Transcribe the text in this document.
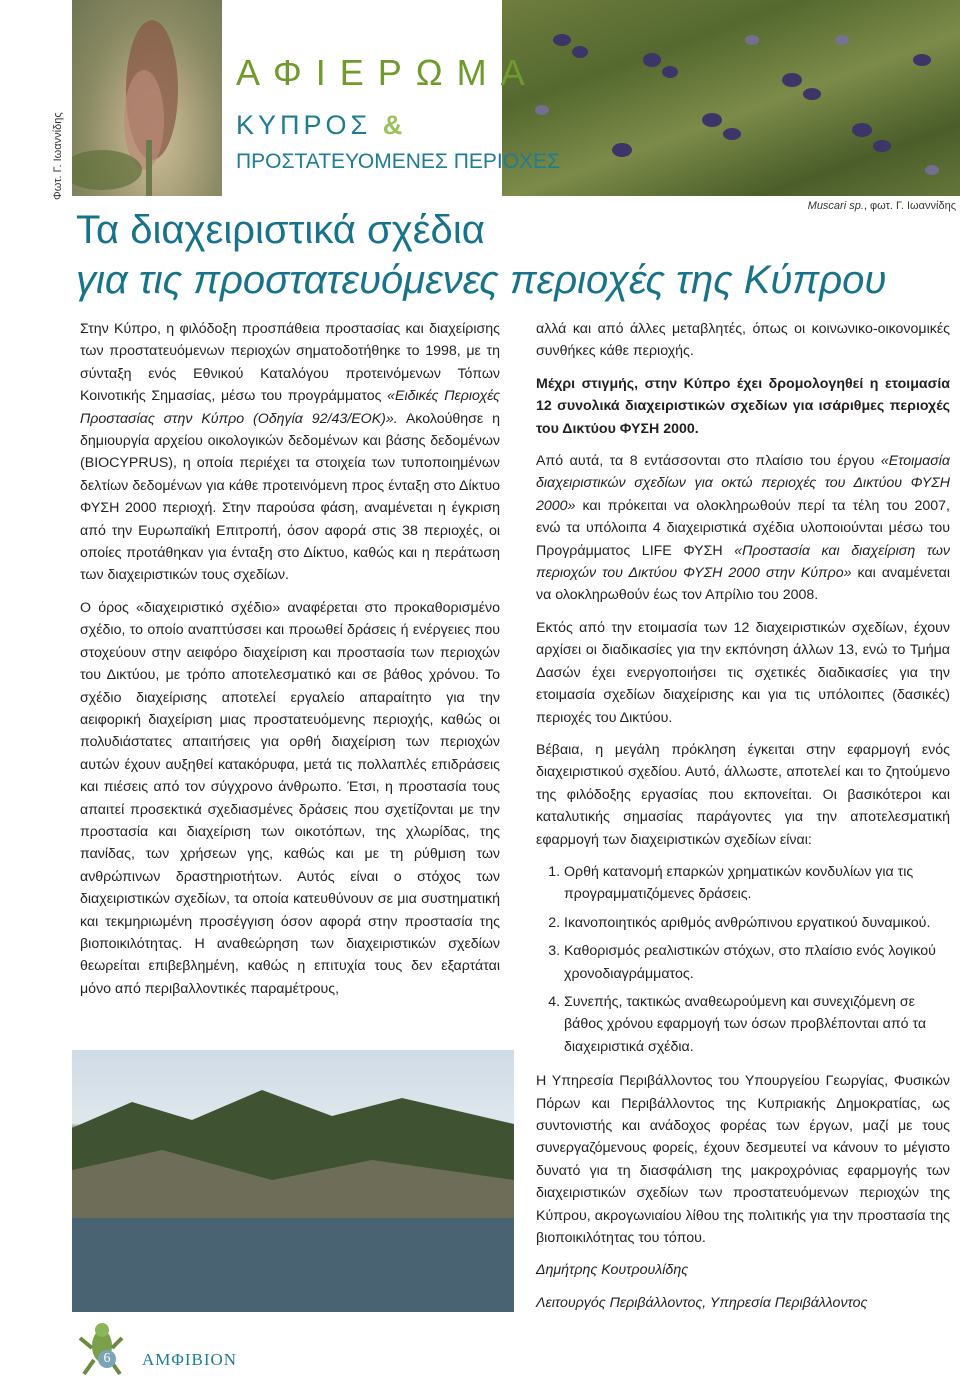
Φωτ. Γ. Ιωαννίδης
Muscari sp., φωτ. Γ. Ιωαννίδης
ΑΦΙΕΡΩΜΑ
ΚΥΠΡΟΣ &
ΠΡΟΣΤΑΤΕΥΟΜΕΝΕΣ ΠΕΡΙΟΧΕΣ
Τα διαχειριστικά σχέδια
για τις προστατευόμενες περιοχές της Κύπρου

Στην Κύπρο, η φιλόδοξη προσπάθεια προστασίας και διαχείρισης των προστατευόμενων περιοχών σηματοδοτήθηκε το 1998, με τη σύνταξη ενός Εθνικού Καταλόγου προτεινόμενων Τόπων Κοινοτικής Σημασίας, μέσω του προγράμματος «Ειδικές Περιοχές Προστασίας στην Κύπρο (Οδηγία 92/43/ΕΟΚ)». Ακολούθησε η δημιουργία αρχείου οικολογικών δεδομένων και βάσης δεδομένων (BIOCYPRUS), η οποία περιέχει τα στοιχεία των τυποποιημένων δελτίων δεδομένων για κάθε προτεινόμενη προς ένταξη στο Δίκτυο ΦΥΣΗ 2000 περιοχή. Στην παρούσα φάση, αναμένεται η έγκριση από την Ευρωπαϊκή Επιτροπή, όσον αφορά στις 38 περιοχές, οι οποίες προτάθηκαν για ένταξη στο Δίκτυο, καθώς και η περάτωση των διαχειριστικών τους σχεδίων.

Ο όρος «διαχειριστικό σχέδιο» αναφέρεται στο προκαθορισμένο σχέδιο, το οποίο αναπτύσσει και προωθεί δράσεις ή ενέργειες που στοχεύουν στην αειφόρο διαχείριση και προστασία των περιοχών του Δικτύου, με τρόπο αποτελεσματικό και σε βάθος χρόνου. Το σχέδιο διαχείρισης αποτελεί εργαλείο απαραίτητο για την αειφορική διαχείριση μιας προστατευόμενης περιοχής, καθώς οι πολυδιάστατες απαιτήσεις για ορθή διαχείριση των περιοχών αυτών έχουν αυξηθεί κατακόρυφα, μετά τις πολλαπλές επιδράσεις και πιέσεις από τον σύγχρονο άνθρωπο. Έτσι, η προστασία τους απαιτεί προσεκτικά σχεδιασμένες δράσεις που σχετίζονται με την προστασία και διαχείριση των οικοτόπων, της χλωρίδας, της πανίδας, των χρήσεων γης, καθώς και με τη ρύθμιση των ανθρώπινων δραστηριοτήτων. Αυτός είναι ο στόχος των διαχειριστικών σχεδίων, τα οποία κατευθύνουν σε μια συστηματική και τεκμηριωμένη προσέγγιση όσον αφορά στην προστασία της βιοποικιλότητας. Η αναθεώρηση των διαχειριστικών σχεδίων θεωρείται επιβεβλημένη, καθώς η επιτυχία τους δεν εξαρτάται μόνο από περιβαλλοντικές παραμέτρους,

αλλά και από άλλες μεταβλητές, όπως οι κοινωνικο-οικονομικές συνθήκες κάθε περιοχής.

Μέχρι στιγμής, στην Κύπρο έχει δρομολογηθεί η ετοιμασία 12 συνολικά διαχειριστικών σχεδίων για ισάριθμες περιοχές του Δικτύου ΦΥΣΗ 2000.

Από αυτά, τα 8 εντάσσονται στο πλαίσιο του έργου «Ετοιμασία διαχειριστικών σχεδίων για οκτώ περιοχές του Δικτύου ΦΥΣΗ 2000» και πρόκειται να ολοκληρωθούν περί τα τέλη του 2007, ενώ τα υπόλοιπα 4 διαχειριστικά σχέδια υλοποιούνται μέσω του Προγράμματος LIFE ΦΥΣΗ «Προστασία και διαχείριση των περιοχών του Δικτύου ΦΥΣΗ 2000 στην Κύπρο» και αναμένεται να ολοκληρωθούν έως τον Απρίλιο του 2008.

Εκτός από την ετοιμασία των 12 διαχειριστικών σχεδίων, έχουν αρχίσει οι διαδικασίες για την εκπόνηση άλλων 13, ενώ το Τμήμα Δασών έχει ενεργοποιήσει τις σχετικές διαδικασίες για την ετοιμασία σχεδίων διαχείρισης και για τις υπόλοιπες (δασικές) περιοχές του Δικτύου.

Βέβαια, η μεγάλη πρόκληση έγκειται στην εφαρμογή ενός διαχειριστικού σχεδίου. Αυτό, άλλωστε, αποτελεί και το ζητούμενο της φιλόδοξης εργασίας που εκπονείται. Οι βασικότεροι και καταλυτικής σημασίας παράγοντες για την αποτελεσματική εφαρμογή των διαχειριστικών σχεδίων είναι:

1. Ορθή κατανομή επαρκών χρηματικών κονδυλίων για τις προγραμματιζόμενες δράσεις.
2. Ικανοποιητικός αριθμός ανθρώπινου εργατικού δυναμικού.
3. Καθορισμός ρεαλιστικών στόχων, στο πλαίσιο ενός λογικού χρονοδιαγράμματος.
4. Συνεπής, τακτικώς αναθεωρούμενη και συνεχιζόμενη σε βάθος χρόνου εφαρμογή των όσων προβλέπονται από τα διαχειριστικά σχέδια.

Η Υπηρεσία Περιβάλλοντος του Υπουργείου Γεωργίας, Φυσικών Πόρων και Περιβάλλοντος της Κυπριακής Δημοκρατίας, ως συντονιστής και ανάδοχος φορέας των έργων, μαζί με τους συνεργαζόμενους φορείς, έχουν δεσμευτεί να κάνουν το μέγιστο δυνατό για τη διασφάλιση της μακροχρόνιας εφαρμογής των διαχειριστικών σχεδίων των προστατευόμενων περιοχών της Κύπρου, ακρογωνιαίου λίθου της πολιτικής για την προστασία της βιοποικιλότητας του τόπου.

Δημήτρης Κουτρουλίδης

Λειτουργός Περιβάλλοντος, Υπηρεσία Περιβάλλοντος

6	ΑΜΦΙΒΙΟΝ
